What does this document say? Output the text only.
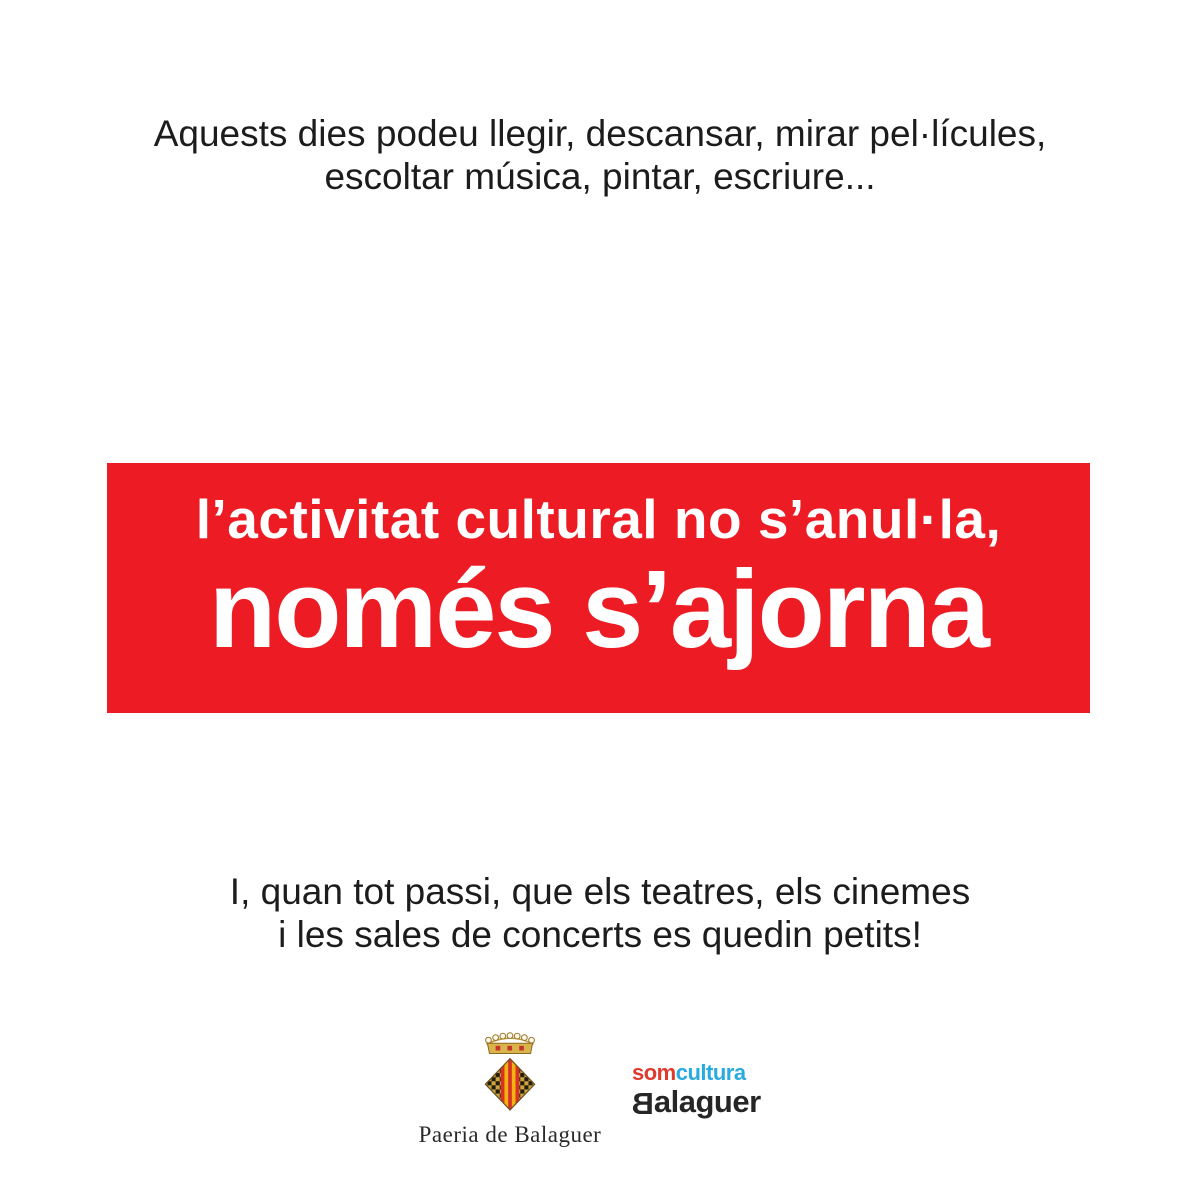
Aquests dies podeu llegir, descansar, mirar pel·lícules,
escoltar música, pintar, escriure...
l’activitat cultural no s’anul·la,
només s’ajorna
I, quan tot passi, que els teatres, els cinemes
i les sales de concerts es quedin petits!
Paeria de Balaguer
somcultura
Balaguer
